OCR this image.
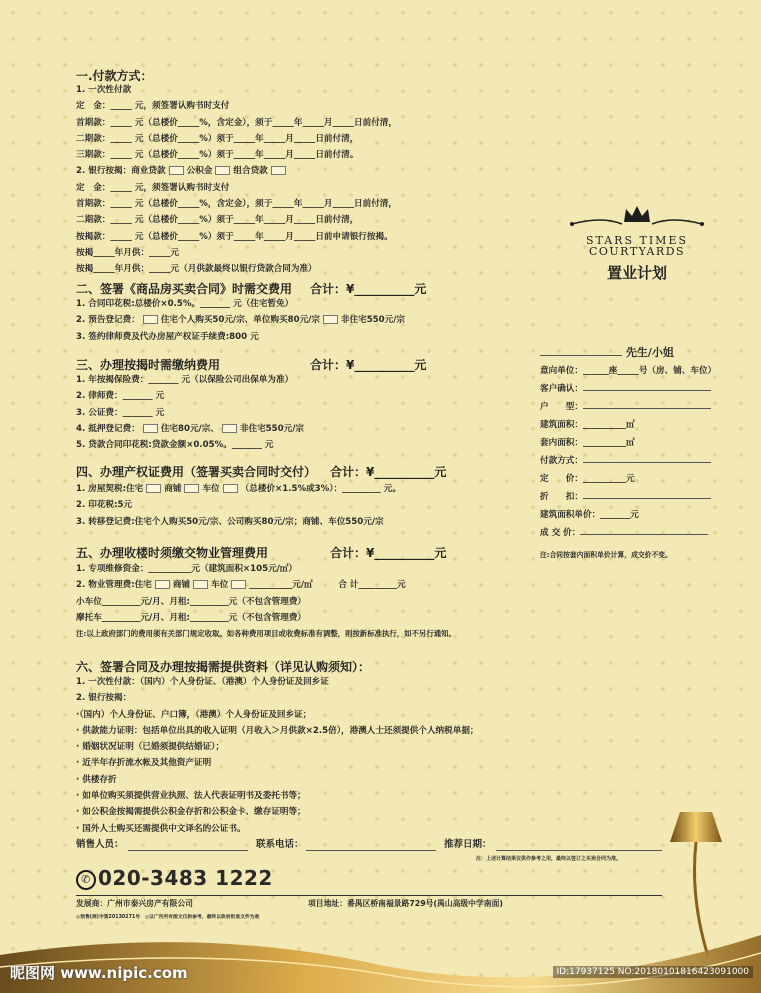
一.付款方式：
1. 一次性付款
定　金：_____ 元，须签署认购书时支付
首期款：_____ 元（总楼价_____%，含定金），须于_____年_____月_____日前付清，
二期款：_____ 元（总楼价_____%）须于_____年_____月_____日前付清，
三期款：_____ 元（总楼价_____%）须于_____年_____月_____日前付清。
2. 银行按揭：商业贷款 公积金 组合贷款
定　金：_____ 元，须签署认购书时支付
首期款：_____ 元（总楼价_____%，含定金），须于_____年_____月_____日前付清，
二期款：_____ 元（总楼价_____%）须于_____年_____月_____日前付清，
按揭款：_____ 元（总楼价_____%）须于_____年_____月_____日前申请银行按揭。
按揭_____年月供：_____元
按揭_____年月供：_____元（月供款最终以银行贷款合同为准）
二、签署《商品房买卖合同》时需交费用 合计：¥__________元
1. 合同印花税:总楼价×0.5%。_______ 元（住宅暂免）
2. 预告登记费： 住宅个人购买50元/宗、单位购买80元/宗 非住宅550元/宗
3. 签约律师费及代办房屋产权证手续费:800 元
三、办理按揭时需缴纳费用	合计：¥__________元
1. 年按揭保险费：_______ 元（以保险公司出保单为准）
2. 律师费：_______ 元
3. 公证费：_______ 元
4. 抵押登记费： 住宅80元/宗、 非住宅550元/宗
5. 贷款合同印花税:贷款金额×0.05%。_______ 元
四、办理产权证费用（签署买卖合同时交付） 合计：¥__________元
1. 房屋契税:住宅 商铺 车位 （总楼价×1.5%或3%）：_________ 元。
2. 印花税:5元
3. 转移登记费:住宅个人购买50元/宗、公司购买80元/宗；商铺、车位550元/宗
五、办理收楼时须缴交物业管理费用	合计：¥__________元
1. 专项维修资金：__________元（建筑面积×105元/㎡）
2. 物业管理费:住宅 商铺 车位 __________元/㎡　　　合 计_________元
小车位_________元/月、月租:_________元（不包含管理费）
摩托车_________元/月、月租:_________元（不包含管理费）
注:以上政府部门的费用须有关部门规定收取。如各种费用项目或收费标准有调整，则按新标准执行，如不另行通知。
六、签署合同及办理按揭需提供资料（详见认购须知）：
1. 一次性付款：（国内）个人身份证、（港澳）个人身份证及回乡证
2. 银行按揭：
·（国内）个人身份证、户口簿，（港澳）个人身份证及回乡证；
· 供款能力证明：包括单位出具的收入证明（月收入＞月供款×2.5倍），港澳人士还须提供个人纳税单据；
· 婚姻状况证明（已婚须提供结婚证）；
· 近半年存折流水帐及其他资产证明
· 供楼存折
· 如单位购买须提供营业执照、法人代表证明书及委托书等；
· 如公积金按揭需提供公积金存折和公积金卡、缴存证明等；
· 国外人士购买还需提供中文译名的公证书。
销售人员：	联系电话：	推荐日期：
注：上述计算结果仅供作参考之用，最终以签订之买卖合同为准。
✆ 020-3483 1222
发展商：广州市泰兴房产有限公司	项目地址：番禺区桥南福景路729号(禺山高级中学南面)
◎预售(商)字第20130271号　◎以广告所有图文仅供参考，最终以政府批准文件为准
STARS TIMES
COURTYARDS
置业计划
先生/小姐
意向单位：______座_____号（房、铺、车位）
客户确认：
户　　型：
建筑面积：__________㎡
套内面积：__________㎡
付款方式：
定　　价：__________元
折　　扣：
建筑面积单价：_______元
成 交 价：
注:合同按套内面积单价计算，成交价不变。
昵图网 www.nipic.com	ID:17937125 NO:20180101816423091000
